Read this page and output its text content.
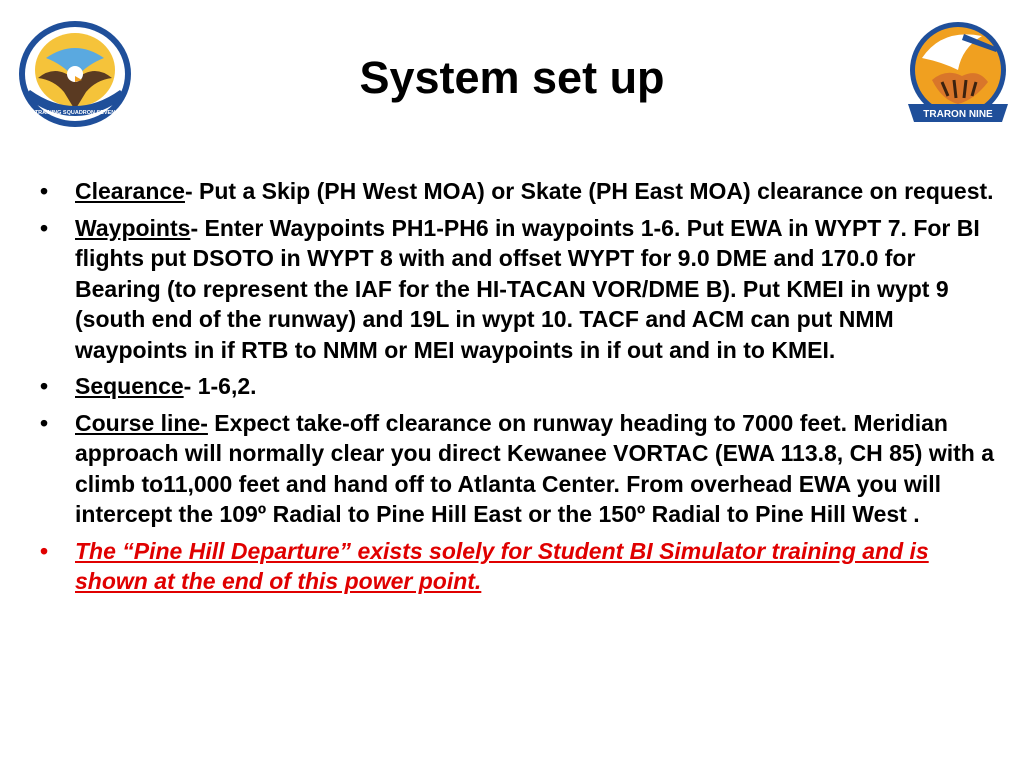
TRAINING SQUADRON SEVEN	TRARON NINE
System set up
•	Clearance- Put a Skip (PH West MOA) or Skate (PH East MOA) clearance on request.
•	Waypoints- Enter Waypoints PH1-PH6 in waypoints 1-6. Put EWA in WYPT 7. For BI flights put DSOTO in WYPT 8 with and offset WYPT for 9.0 DME and 170.0 for Bearing (to represent the IAF for the HI-TACAN VOR/DME B). Put KMEI in wypt 9 (south end of the runway) and 19L in wypt 10. TACF and ACM can put NMM waypoints in if RTB to NMM or MEI waypoints in if out and in to KMEI.
•	Sequence- 1-6,2.
•	Course line- Expect take-off clearance on runway heading to 7000 feet. Meridian approach will normally clear you direct Kewanee VORTAC (EWA 113.8, CH 85) with a climb to11,000 feet and hand off to Atlanta Center. From overhead EWA you will intercept the 109º Radial to Pine Hill East or the 150º Radial to Pine Hill West .
•	The “Pine Hill Departure” exists solely for Student BI Simulator training and is shown at the end of this power point.
